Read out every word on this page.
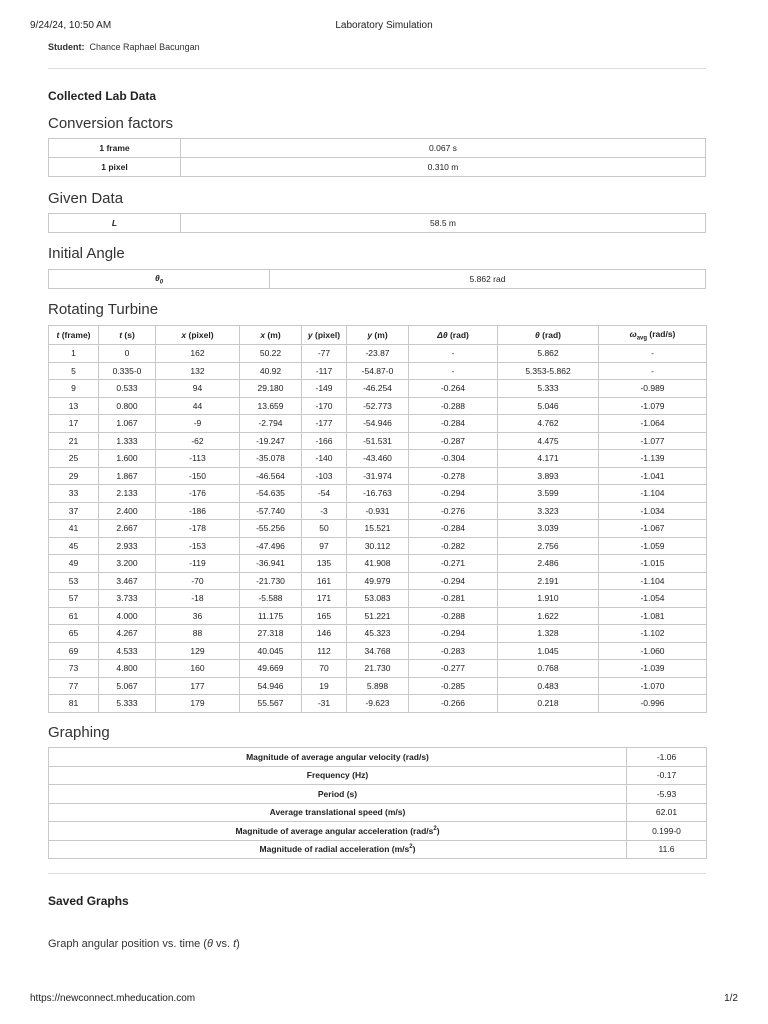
9/24/24, 10:50 AM	Laboratory Simulation
Student: Chance Raphael Bacungan
Collected Lab Data
Conversion factors
1 frame	0.067 s
1 pixel	0.310 m
Given Data
L	58.5 m
Initial Angle
$\theta_0$	5.862 rad
Rotating Turbine
t (frame)	t (s)	x (pixel)	x (m)	y (pixel)	y (m)	Δθ (rad)	θ (rad)	$\omega_{avg}$ (rad/s)
1	0	162	50.22	-77	-23.87	-	5.862	-
5	0.335-0	132	40.92	-117	-54.87-0	-	5.353-5.862	-
9	0.533	94	29.180	-149	-46.254	-0.264	5.333	-0.989
13	0.800	44	13.659	-170	-52.773	-0.288	5.046	-1.079
17	1.067	-9	-2.794	-177	-54.946	-0.284	4.762	-1.064
21	1.333	-62	-19.247	-166	-51.531	-0.287	4.475	-1.077
25	1.600	-113	-35.078	-140	-43.460	-0.304	4.171	-1.139
29	1.867	-150	-46.564	-103	-31.974	-0.278	3.893	-1.041
33	2.133	-176	-54.635	-54	-16.763	-0.294	3.599	-1.104
37	2.400	-186	-57.740	-3	-0.931	-0.276	3.323	-1.034
41	2.667	-178	-55.256	50	15.521	-0.284	3.039	-1.067
45	2.933	-153	-47.496	97	30.112	-0.282	2.756	-1.059
49	3.200	-119	-36.941	135	41.908	-0.271	2.486	-1.015
53	3.467	-70	-21.730	161	49.979	-0.294	2.191	-1.104
57	3.733	-18	-5.588	171	53.083	-0.281	1.910	-1.054
61	4.000	36	11.175	165	51.221	-0.288	1.622	-1.081
65	4.267	88	27.318	146	45.323	-0.294	1.328	-1.102
69	4.533	129	40.045	112	34.768	-0.283	1.045	-1.060
73	4.800	160	49.669	70	21.730	-0.277	0.768	-1.039
77	5.067	177	54.946	19	5.898	-0.285	0.483	-1.070
81	5.333	179	55.567	-31	-9.623	-0.266	0.218	-0.996
Graphing
Magnitude of average angular velocity (rad/s)	-1.06
Frequency (Hz)	-0.17
Period (s)	-5.93
Average translational speed (m/s)	62.01
Magnitude of average angular acceleration $(rad/s^2)$	0.199-0
Magnitude of radial acceleration $(m/s^2)$	11.6
Saved Graphs
Graph angular position vs. time (θ vs. t)
https://newconnect.mheducation.com	1/2
